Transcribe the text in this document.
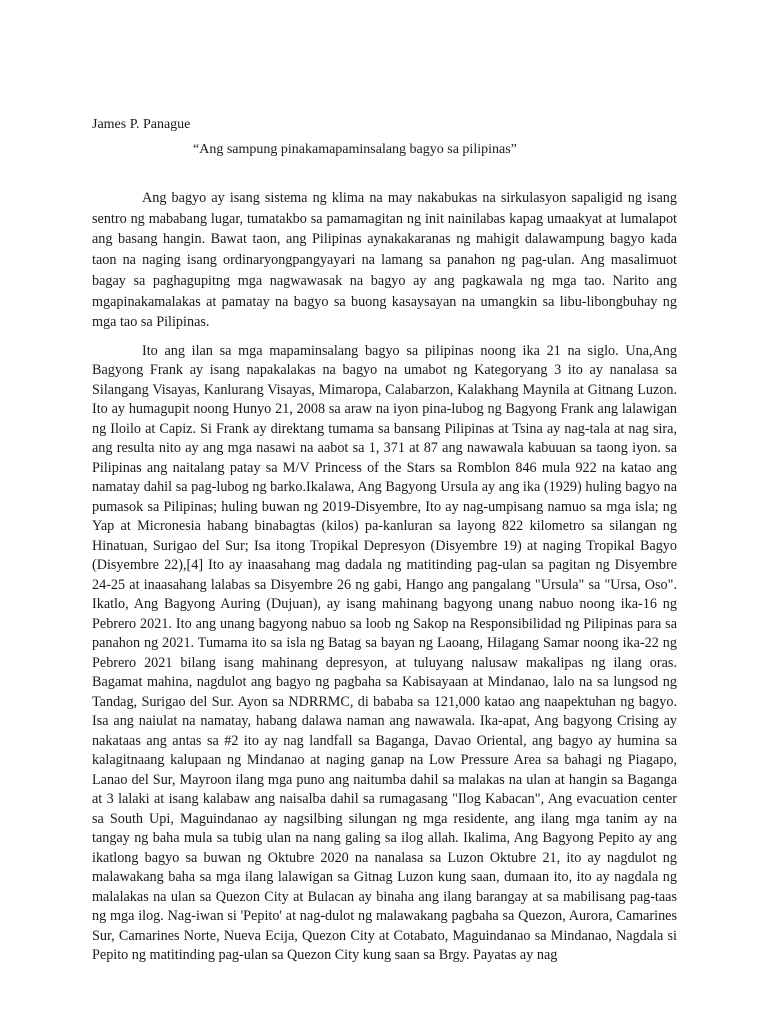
James P. Panague
“Ang sampung pinakamapaminsalang bagyo sa pilipinas”

Ang bagyo ay isang sistema ng klima na may nakabukas na sirkulasyon sapaligid ng isang sentro ng mababang lugar, tumatakbo sa pamamagitan ng init nainilabas kapag umaakyat at lumalapot ang basang hangin. Bawat taon, ang Pilipinas aynakakaranas ng mahigit dalawampung bagyo kada taon na naging isang ordinaryongpangyayari na lamang sa panahon ng pag-ulan. Ang masalimuot bagay sa paghagupitng mga nagwawasak na bagyo ay ang pagkawala ng mga tao. Narito ang mgapinakamalakas at pamatay na bagyo sa buong kasaysayan na umangkin sa libu-libongbuhay ng mga tao sa Pilipinas.

Ito ang ilan sa mga mapaminsalang bagyo sa pilipinas noong ika 21 na siglo. Una,Ang Bagyong Frank ay isang napakalakas na bagyo na umabot ng Kategoryang 3 ito ay nanalasa sa Silangang Visayas, Kanlurang Visayas, Mimaropa, Calabarzon, Kalakhang Maynila at Gitnang Luzon. Ito ay humagupit noong Hunyo 21, 2008 sa araw na iyon pina-lubog ng Bagyong Frank ang lalawigan ng Iloilo at Capiz. Si Frank ay direktang tumama sa bansang Pilipinas at Tsina ay nag-tala at nag sira, ang resulta nito ay ang mga nasawi na aabot sa 1, 371 at 87 ang nawawala kabuuan sa taong iyon. sa Pilipinas ang naitalang patay sa M/V Princess of the Stars sa Romblon 846 mula 922 na katao ang namatay dahil sa pag-lubog ng barko.Ikalawa, Ang Bagyong Ursula ay ang ika (1929) huling bagyo na pumasok sa Pilipinas; huling buwan ng 2019-Disyembre, Ito ay nag-umpisang namuo sa mga isla; ng Yap at Micronesia habang binabagtas (kilos) pa-kanluran sa layong 822 kilometro sa silangan ng Hinatuan, Surigao del Sur; Isa itong Tropikal Depresyon (Disyembre 19) at naging Tropikal Bagyo (Disyembre 22),[4] Ito ay inaasahang mag dadala ng matitinding pag-ulan sa pagitan ng Disyembre 24-25 at inaasahang lalabas sa Disyembre 26 ng gabi, Hango ang pangalang "Ursula" sa "Ursa, Oso". Ikatlo, Ang Bagyong Auring (Dujuan), ay isang mahinang bagyong unang nabuo noong ika-16 ng Pebrero 2021. Ito ang unang bagyong nabuo sa loob ng Sakop na Responsibilidad ng Pilipinas para sa panahon ng 2021. Tumama ito sa isla ng Batag sa bayan ng Laoang, Hilagang Samar noong ika-22 ng Pebrero 2021 bilang isang mahinang depresyon, at tuluyang nalusaw makalipas ng ilang oras. Bagamat mahina, nagdulot ang bagyo ng pagbaha sa Kabisayaan at Mindanao, lalo na sa lungsod ng Tandag, Surigao del Sur. Ayon sa NDRRMC, di bababa sa 121,000 katao ang naapektuhan ng bagyo. Isa ang naiulat na namatay, habang dalawa naman ang nawawala. Ika-apat, Ang bagyong Crising ay nakataas ang antas sa #2 ito ay nag landfall sa Baganga, Davao Oriental, ang bagyo ay humina sa kalagitnaang kalupaan ng Mindanao at naging ganap na Low Pressure Area sa bahagi ng Piagapo, Lanao del Sur, Mayroon ilang mga puno ang naitumba dahil sa malakas na ulan at hangin sa Baganga at 3 lalaki at isang kalabaw ang naisalba dahil sa rumagasang "Ilog Kabacan", Ang evacuation center sa South Upi, Maguindanao ay nagsilbing silungan ng mga residente, ang ilang mga tanim ay na tangay ng baha mula sa tubig ulan na nang galing sa ilog allah. Ikalima, Ang Bagyong Pepito ay ang ikatlong bagyo sa buwan ng Oktubre 2020 na nanalasa sa Luzon Oktubre 21, ito ay nagdulot ng malawakang baha sa mga ilang lalawigan sa Gitnag Luzon kung saan, dumaan ito, ito ay nagdala ng malalakas na ulan sa Quezon City at Bulacan ay binaha ang ilang barangay at sa mabilisang pag-taas ng mga ilog. Nag-iwan si 'Pepito' at nag-dulot ng malawakang pagbaha sa Quezon, Aurora, Camarines Sur, Camarines Norte, Nueva Ecija, Quezon City at Cotabato, Maguindanao sa Mindanao, Nagdala si Pepito ng matitinding pag-ulan sa Quezon City kung saan sa Brgy. Payatas ay nag
